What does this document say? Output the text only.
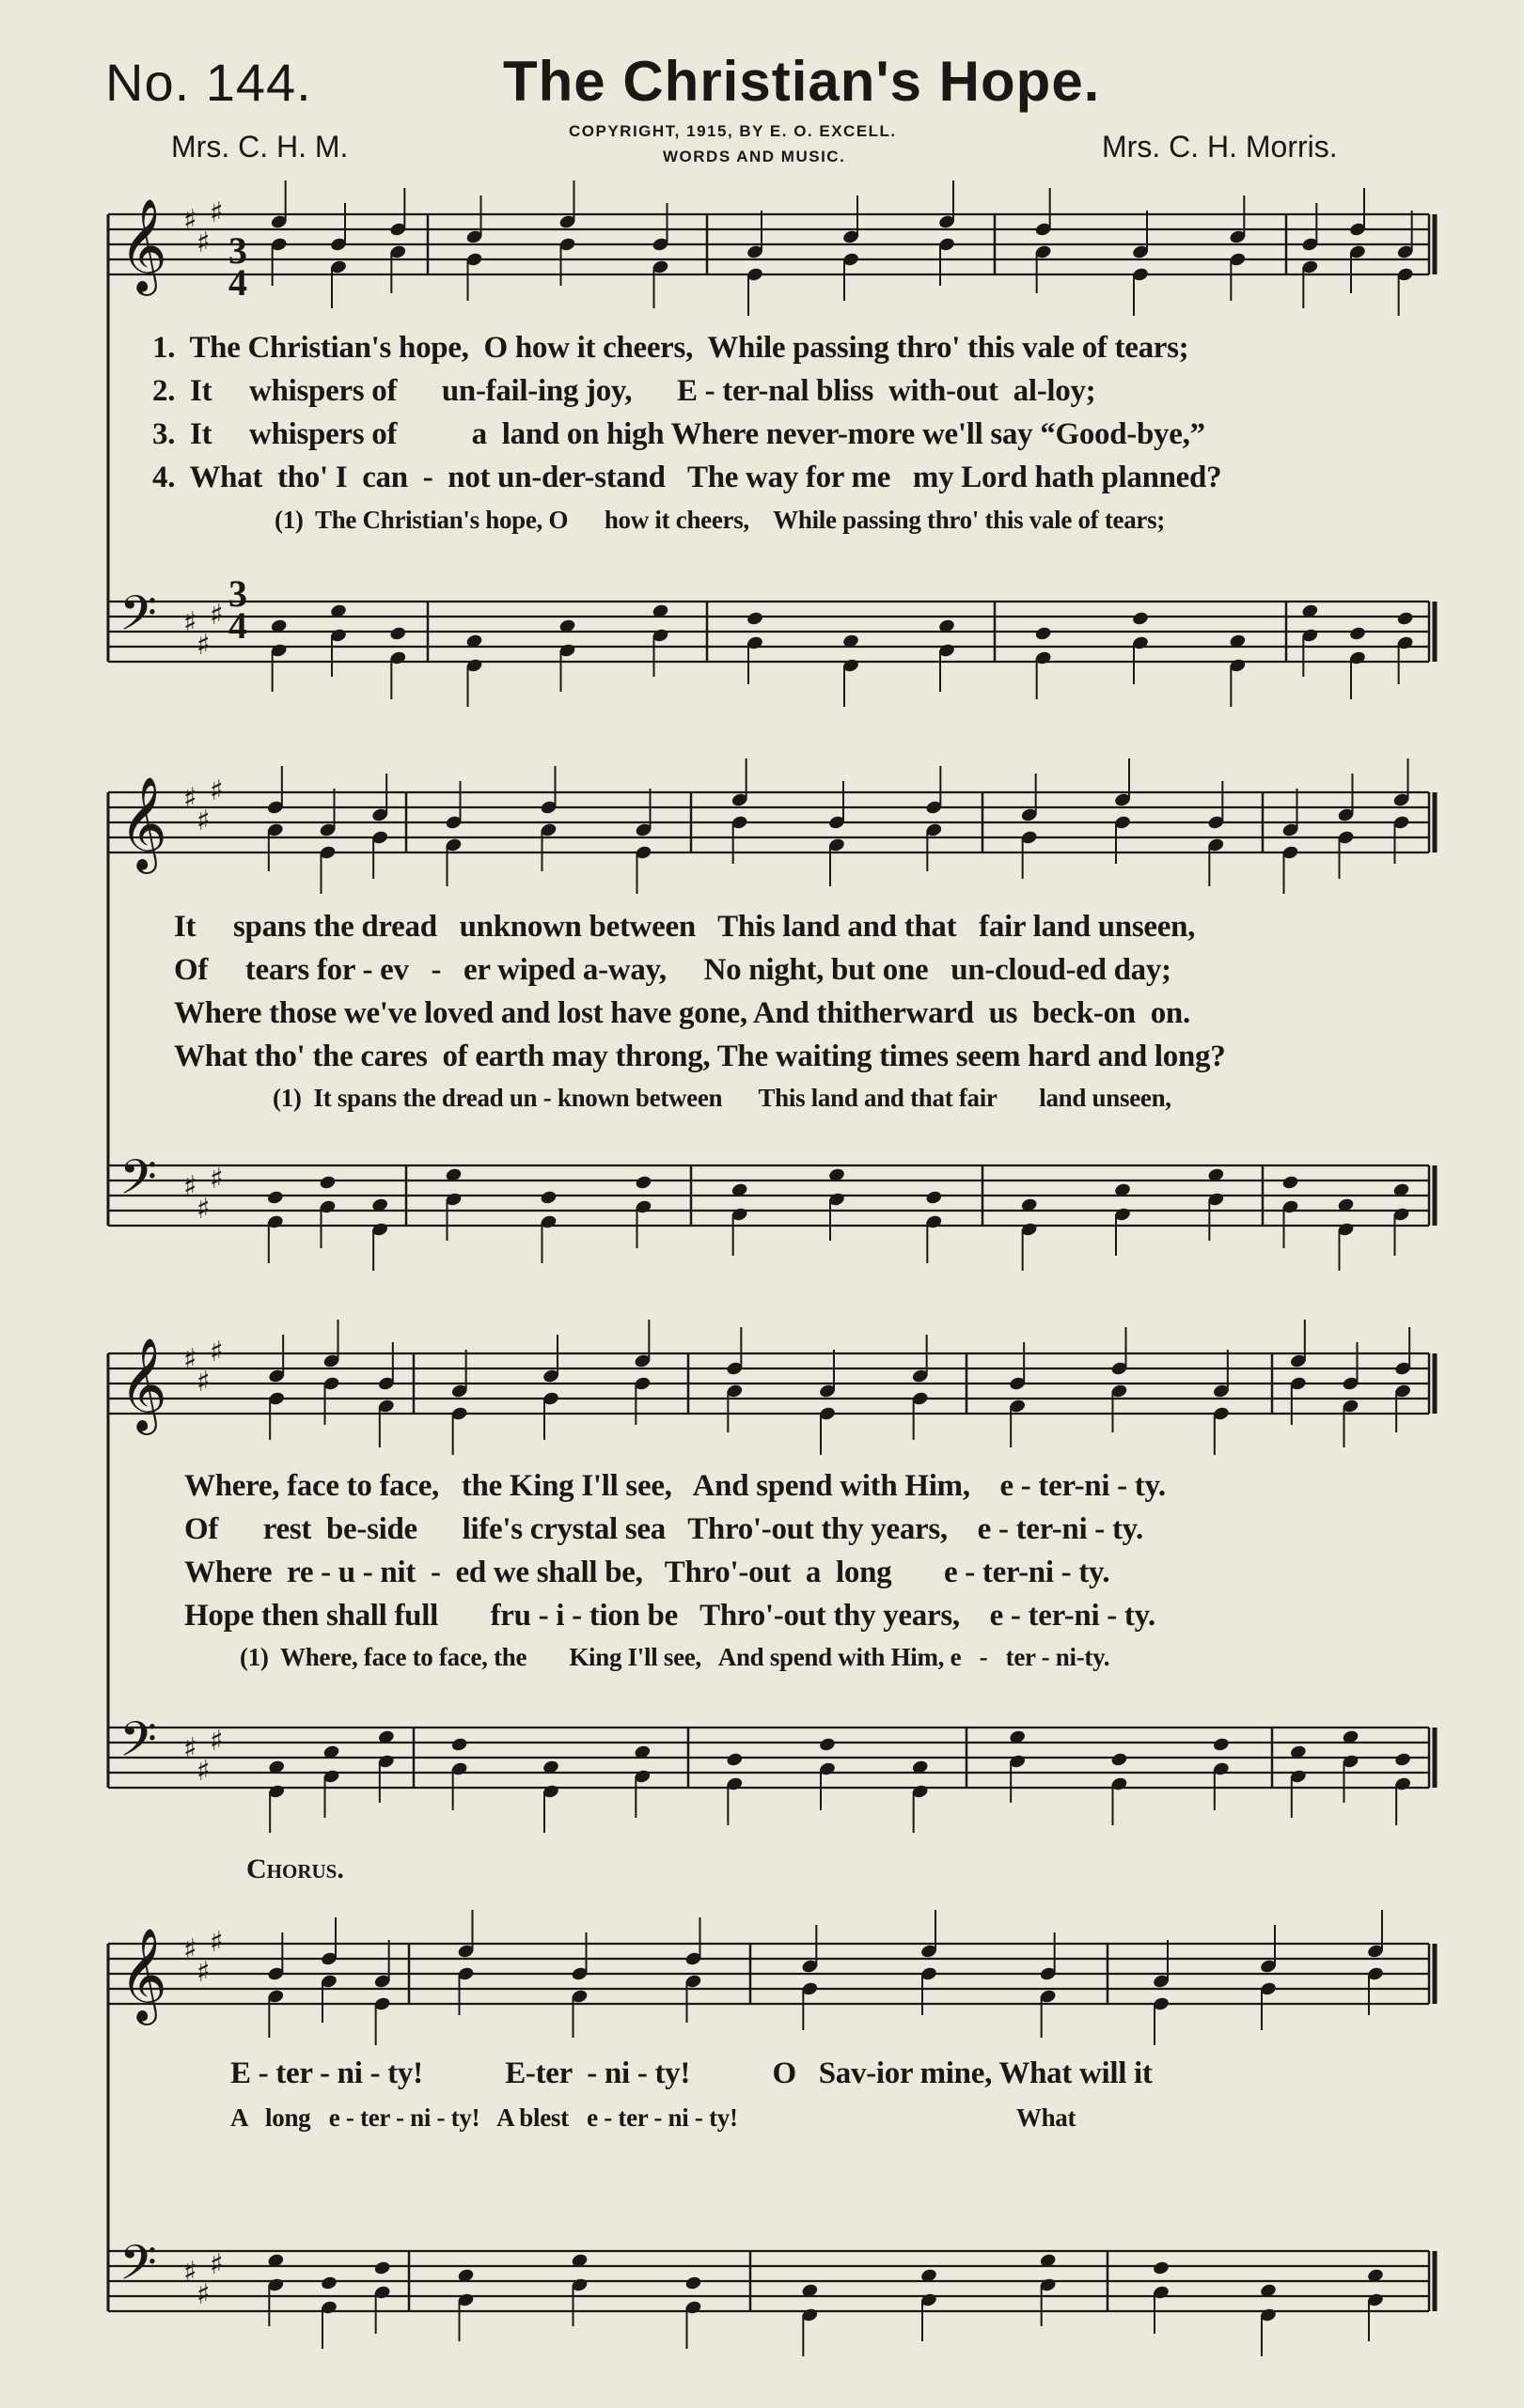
No. 144.	The Christian's Hope.
Mrs. C. H. M.	COPYRIGHT, 1915, BY E. O. EXCELL.
WORDS AND MUSIC.	Mrs. C. H. Morris.
Chorus.
𝄞 ♯
♯
♯
𝄢 ♯
♯
♯
𝄞 ♯
♯
♯
𝄢 ♯
♯
♯
𝄞 ♯
♯
♯
𝄢 ♯
♯
♯
𝄞 ♯
♯
♯
𝄢 ♯
♯
♯
3
4
3
4
1.  The Christian's hope,  O how it cheers,  While passing thro' this vale of tears;
2.  It     whispers of      un-fail-ing joy,      E - ter-nal bliss  with-out  al-loy;
3.  It     whispers of          a  land on high Where never-more we'll say “Good-bye,”
4.  What  tho' I  can  -  not un-der-stand   The way for me   my Lord hath planned?
(1)  The Christian's hope, O      how it cheers,    While passing thro' this vale of tears;
It     spans the dread   unknown between   This land and that   fair land unseen,
Of     tears for - ev   -   er wiped a-way,     No night, but one   un-cloud-ed day;
Where those we've loved and lost have gone, And thitherward  us  beck-on  on.
What tho' the cares  of earth may throng, The waiting times seem hard and long?
(1)  It spans the dread un - known between      This land and that fair       land unseen,
Where, face to face,   the King I'll see,   And spend with Him,    e - ter-ni - ty.
Of      rest  be-side      life's crystal sea   Thro'-out thy years,    e - ter-ni - ty.
Where  re - u - nit  -  ed we shall be,   Thro'-out  a  long       e - ter-ni - ty.
Hope then shall full       fru - i - tion be   Thro'-out thy years,    e - ter-ni - ty.
(1)  Where, face to face, the       King I'll see,   And spend with Him, e   -   ter - ni-ty.
E - ter - ni - ty!           E-ter  - ni - ty!           O   Sav-ior mine, What will it
A   long   e - ter - ni - ty!   A blest   e - ter - ni - ty!                                              What
